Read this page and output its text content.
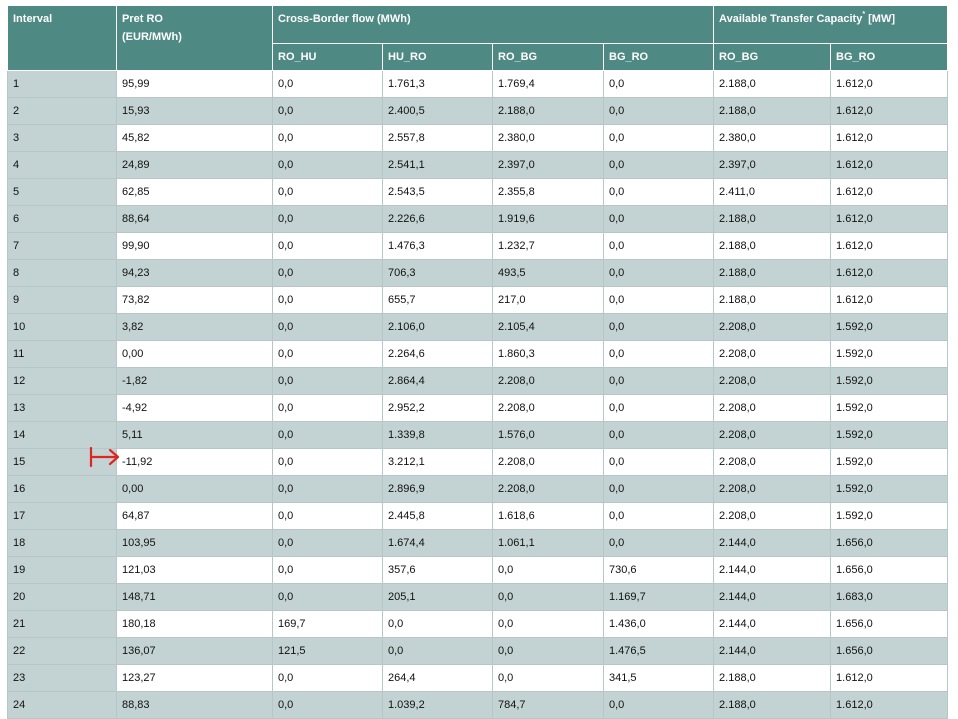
Interval	Pret RO
(EUR/MWh)	Cross-Border flow (MWh)				Available Transfer Capacity* [MW]	
		RO_HU	HU_RO	RO_BG	BG_RO	RO_BG	BG_RO
1	95,99	0,0	1.761,3	1.769,4	0,0	2.188,0	1.612,0
2	15,93	0,0	2.400,5	2.188,0	0,0	2.188,0	1.612,0
3	45,82	0,0	2.557,8	2.380,0	0,0	2.380,0	1.612,0
4	24,89	0,0	2.541,1	2.397,0	0,0	2.397,0	1.612,0
5	62,85	0,0	2.543,5	2.355,8	0,0	2.411,0	1.612,0
6	88,64	0,0	2.226,6	1.919,6	0,0	2.188,0	1.612,0
7	99,90	0,0	1.476,3	1.232,7	0,0	2.188,0	1.612,0
8	94,23	0,0	706,3	493,5	0,0	2.188,0	1.612,0
9	73,82	0,0	655,7	217,0	0,0	2.188,0	1.612,0
10	3,82	0,0	2.106,0	2.105,4	0,0	2.208,0	1.592,0
11	0,00	0,0	2.264,6	1.860,3	0,0	2.208,0	1.592,0
12	-1,82	0,0	2.864,4	2.208,0	0,0	2.208,0	1.592,0
13	-4,92	0,0	2.952,2	2.208,0	0,0	2.208,0	1.592,0
14	5,11	0,0	1.339,8	1.576,0	0,0	2.208,0	1.592,0
15	-11,92	0,0	3.212,1	2.208,0	0,0	2.208,0	1.592,0
16	0,00	0,0	2.896,9	2.208,0	0,0	2.208,0	1.592,0
17	64,87	0,0	2.445,8	1.618,6	0,0	2.208,0	1.592,0
18	103,95	0,0	1.674,4	1.061,1	0,0	2.144,0	1.656,0
19	121,03	0,0	357,6	0,0	730,6	2.144,0	1.656,0
20	148,71	0,0	205,1	0,0	1.169,7	2.144,0	1.683,0
21	180,18	169,7	0,0	0,0	1.436,0	2.144,0	1.656,0
22	136,07	121,5	0,0	0,0	1.476,5	2.144,0	1.656,0
23	123,27	0,0	264,4	0,0	341,5	2.188,0	1.612,0
24	88,83	0,0	1.039,2	784,7	0,0	2.188,0	1.612,0
